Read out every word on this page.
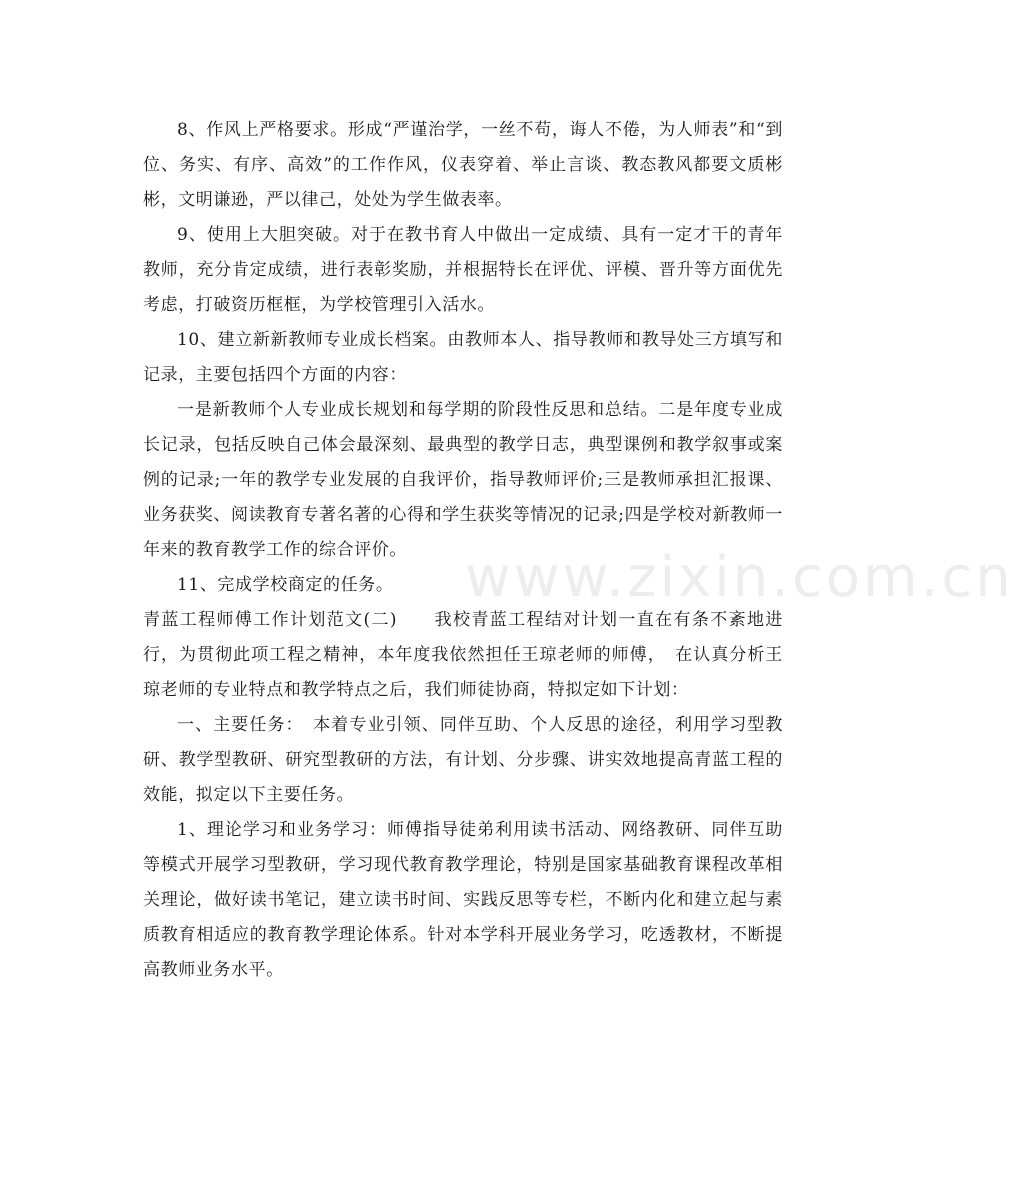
8、作风上严格要求。形成“严谨治学，一丝不苟，诲人不倦，为人师表”和“到位、务实、有序、高效”的工作作风，仪表穿着、举止言谈、教态教风都要文质彬彬，文明谦逊，严以律己，处处为学生做表率。

9、使用上大胆突破。对于在教书育人中做出一定成绩、具有一定才干的青年教师，充分肯定成绩，进行表彰奖励，并根据特长在评优、评模、晋升等方面优先考虑，打破资历框框，为学校管理引入活水。

10、建立新新教师专业成长档案。由教师本人、指导教师和教导处三方填写和记录，主要包括四个方面的内容：

一是新教师个人专业成长规划和每学期的阶段性反思和总结。二是年度专业成长记录，包括反映自己体会最深刻、最典型的教学日志，典型课例和教学叙事或案例的记录;一年的教学专业发展的自我评价，指导教师评价;三是教师承担汇报课、业务获奖、阅读教育专著名著的心得和学生获奖等情况的记录;四是学校对新教师一年来的教育教学工作的综合评价。

11、完成学校商定的任务。

青蓝工程师傅工作计划范文(二)　　我校青蓝工程结对计划一直在有条不紊地进行，为贯彻此项工程之精神，本年度我依然担任王琼老师的师傅，　在认真分析王琼老师的专业特点和教学特点之后，我们师徒协商，特拟定如下计划：

一、主要任务：　本着专业引领、同伴互助、个人反思的途径，利用学习型教研、教学型教研、研究型教研的方法，有计划、分步骤、讲实效地提高青蓝工程的效能，拟定以下主要任务。

1、理论学习和业务学习：师傅指导徒弟利用读书活动、网络教研、同伴互助等模式开展学习型教研，学习现代教育教学理论，特别是国家基础教育课程改革相关理论，做好读书笔记，建立读书时间、实践反思等专栏，不断内化和建立起与素质教育相适应的教育教学理论体系。针对本学科开展业务学习，吃透教材，不断提高教师业务水平。

www.zixin.com.cn
